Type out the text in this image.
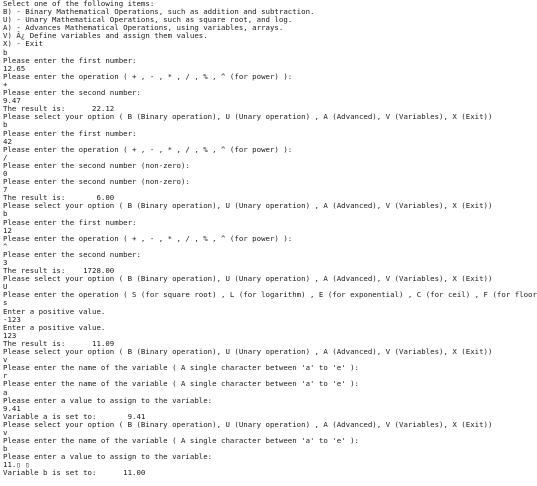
Select one of the following items:
B) - Binary Mathematical Operations, such as addition and subtraction.
U) - Unary Mathematical Operations, such as square root, and log.
A) - Advances Mathematical Operations, using variables, arrays.
V) Â¿ Define variables and assign them values.
X) - Exit
b
Please enter the first number:
12.65
Please enter the operation ( + , - , * , / , % , ^ (for power) ):
+
Please enter the second number:
9.47
The result is:      22.12
Please select your option ( B (Binary operation), U (Unary operation) , A (Advanced), V (Variables), X (Exit))
b
Please enter the first number:
42
Please enter the operation ( + , - , * , / , % , ^ (for power) ):
/
Please enter the second number (non-zero):
0
Please enter the second number (non-zero):
7
The result is:       6.00
Please select your option ( B (Binary operation), U (Unary operation) , A (Advanced), V (Variables), X (Exit))
b
Please enter the first number:
12
Please enter the operation ( + , - , * , / , % , ^ (for power) ):
^
Please enter the second number:
3
The result is:    1728.00
Please select your option ( B (Binary operation), U (Unary operation) , A (Advanced), V (Variables), X (Exit))
U
Please enter the operation ( S (for square root) , L (for logarithm) , E (for exponential) , C (for ceil) , F (for floor
s
Enter a positive value.
-123
Enter a positive value.
123
The result is:      11.09
Please select your option ( B (Binary operation), U (Unary operation) , A (Advanced), V (Variables), X (Exit))
v
Please enter the name of the variable ( A single character between 'a' to 'e' ):
r
Please enter the name of the variable ( A single character between 'a' to 'e' ):
a
Please enter a value to assign to the variable:
9.41
Variable a is set to:       9.41
Please select your option ( B (Binary operation), U (Unary operation) , A (Advanced), V (Variables), X (Exit))
v
Please enter the name of the variable ( A single character between 'a' to 'e' ):
b
Please enter a value to assign to the variable:
11.▯ ▯
Variable b is set to:      11.00
